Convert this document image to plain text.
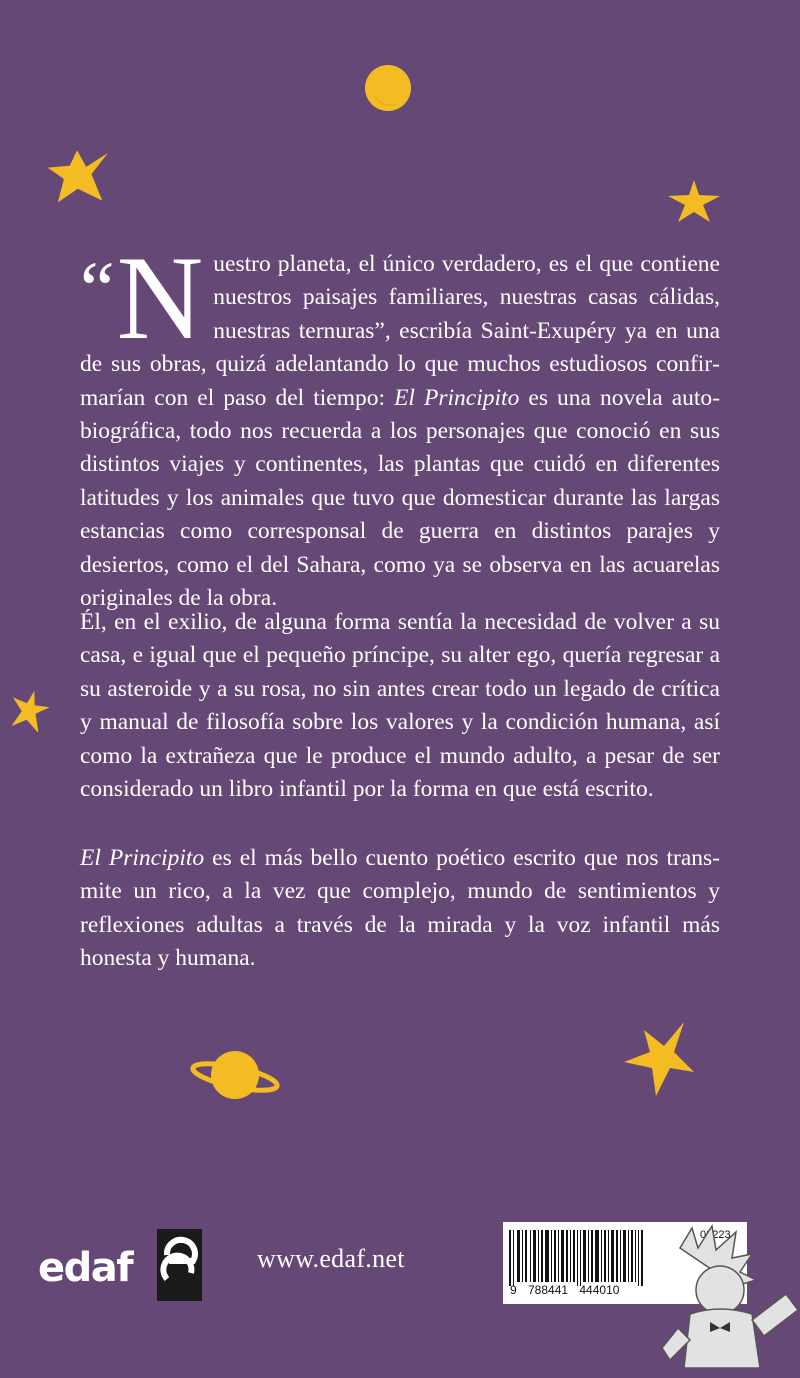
“N uestro planeta, el único verdadero, es el que contiene nuestros paisajes familiares, nuestras casas cálidas, nuestras ternuras”, escribía Saint-Exupéry ya en una de sus obras, quizá adelantando lo que muchos estudiosos confirmarían con el paso del tiempo: El Principito es una novela autobiográfica, todo nos recuerda a los personajes que conoció en sus distintos viajes y continentes, las plantas que cuidó en diferentes latitudes y los animales que tuvo que domesticar durante las largas estancias como corresponsal de guerra en distintos parajes y desiertos, como el del Sahara, como ya se observa en las acuarelas originales de la obra.
Él, en el exilio, de alguna forma sentía la necesidad de volver a su casa, e igual que el pequeño príncipe, su alter ego, quería regresar a su asteroide y a su rosa, no sin antes crear todo un legado de crítica y manual de filosofía sobre los valores y la condición humana, así como la extrañeza que le produce el mundo adulto, a pesar de ser considerado un libro infantil por la forma en que está escrito.
El Principito es el más bello cuento poético escrito que nos transmite un rico, a la vez que complejo, mundo de sentimientos y reflexiones adultas a través de la mirada y la voz infantil más honesta y humana.
edaf	www.edaf.net
9 788441 444010
03223
